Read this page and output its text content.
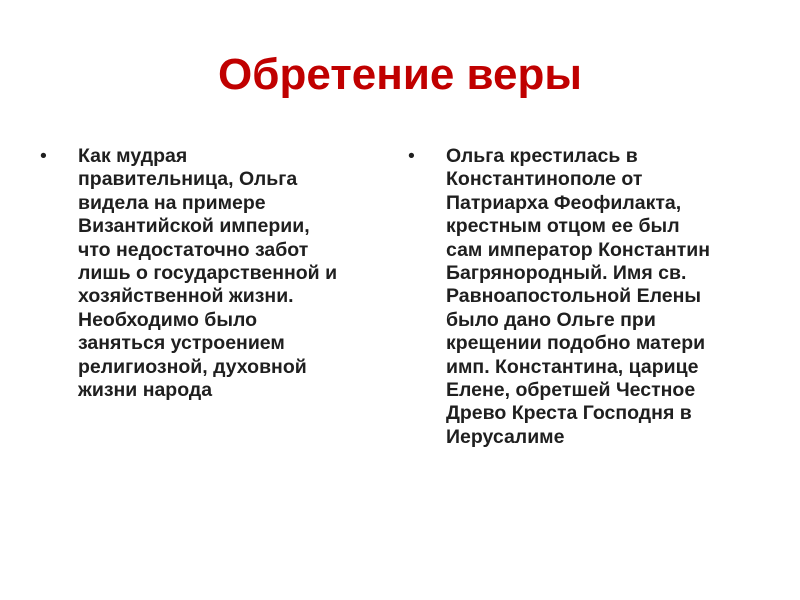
Обретение веры
•	Как мудрая
правительница, Ольга
видела на примере
Византийской империи,
что недостаточно забот
лишь о государственной и
хозяйственной жизни.
Необходимо было
заняться устроением
религиозной, духовной
жизни народа
•	Ольга крестилась в
Константинополе от
Патриарха Феофилакта,
крестным отцом ее был
сам император Константин
Багрянородный. Имя св.
Равноапостольной Елены
было дано Ольге при
крещении подобно матери
имп. Константина, царице
Елене, обретшей Честное
Древо Креста Господня в
Иерусалиме
